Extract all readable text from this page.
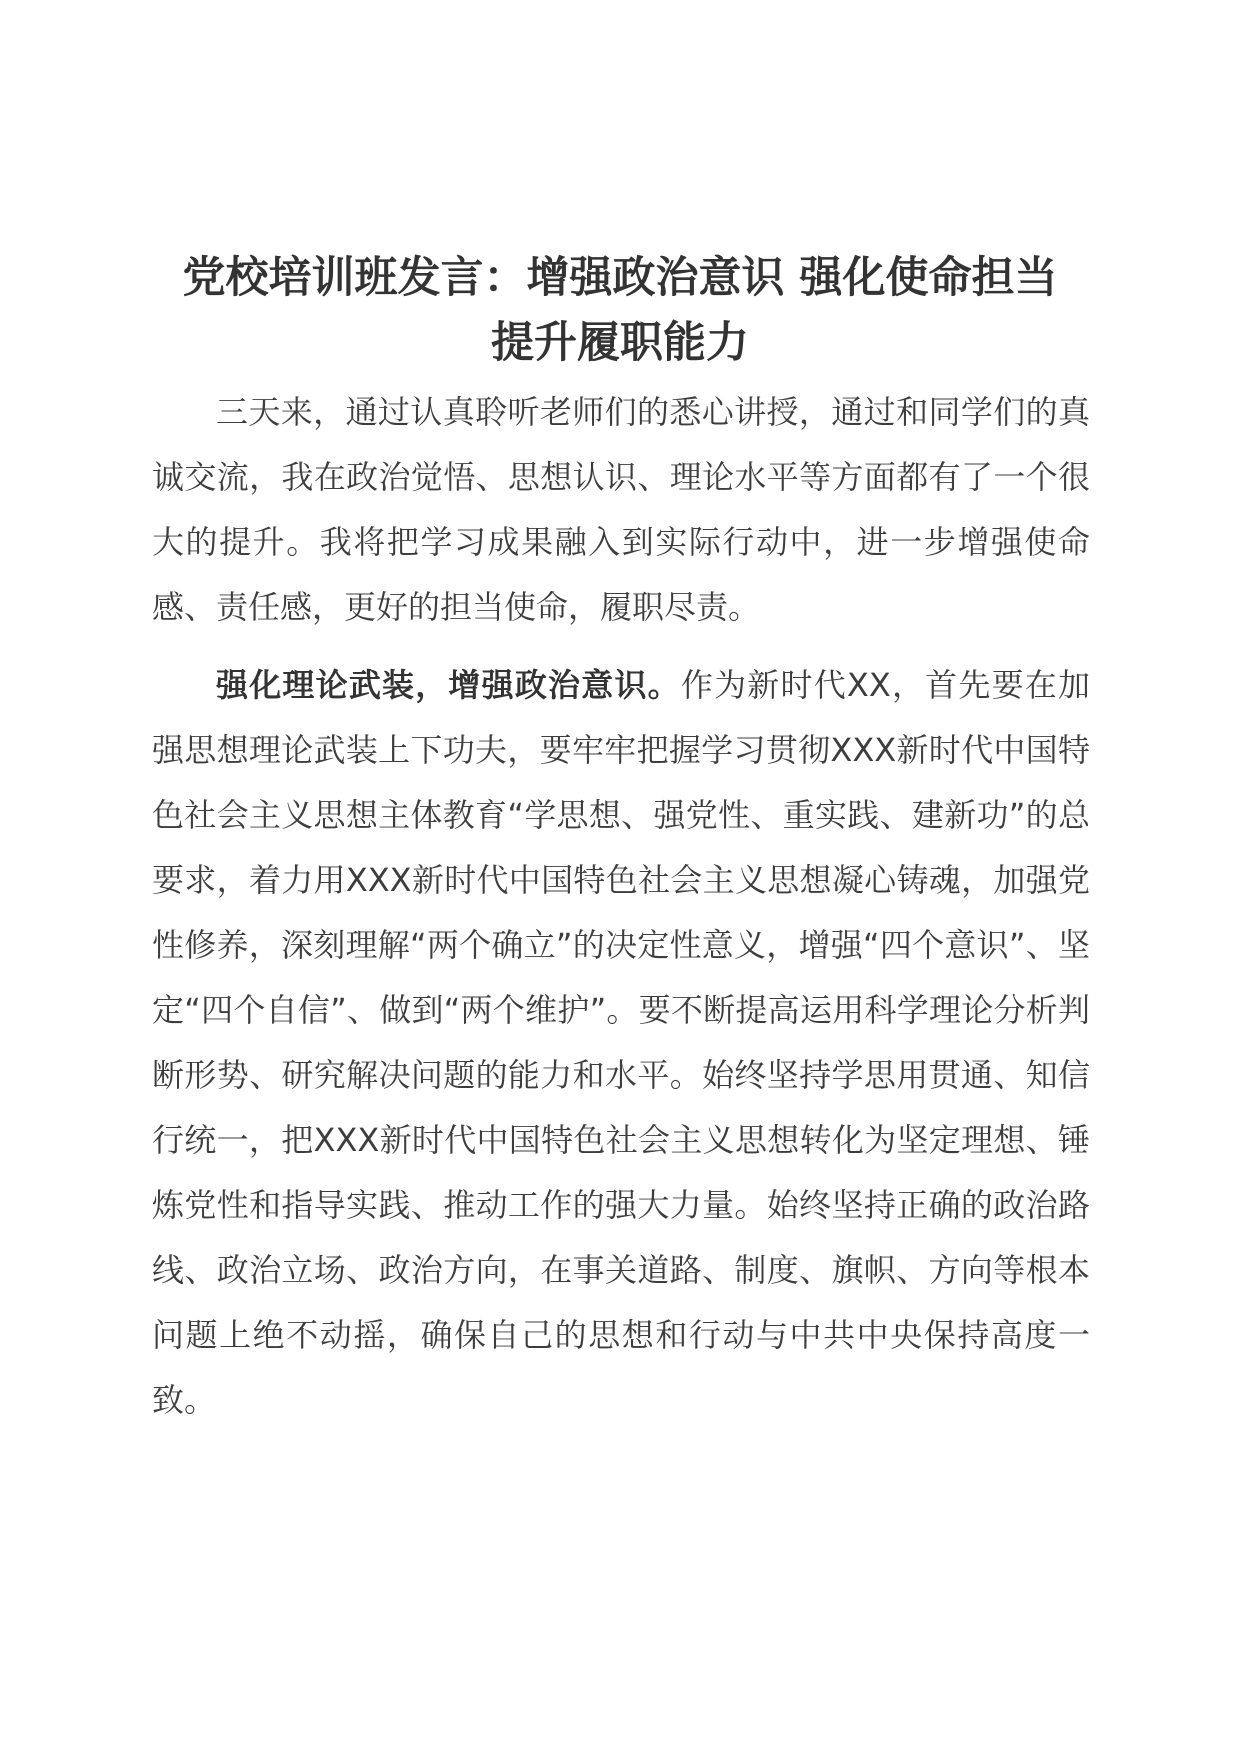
党校培训班发言：增强政治意识 强化使命担当
提升履职能力

三天来，通过认真聆听老师们的悉心讲授，通过和同学们的真诚交流，我在政治觉悟、思想认识、理论水平等方面都有了一个很大的提升。我将把学习成果融入到实际行动中，进一步增强使命感、责任感，更好的担当使命，履职尽责。

强化理论武装，增强政治意识。作为新时代XX，首先要在加强思想理论武装上下功夫，要牢牢把握学习贯彻XXX新时代中国特色社会主义思想主体教育“学思想、强党性、重实践、建新功”的总要求，着力用XXX新时代中国特色社会主义思想凝心铸魂，加强党性修养，深刻理解“两个确立”的决定性意义，增强“四个意识”、坚定“四个自信”、做到“两个维护”。要不断提高运用科学理论分析判断形势、研究解决问题的能力和水平。始终坚持学思用贯通、知信行统一，把XXX新时代中国特色社会主义思想转化为坚定理想、锤炼党性和指导实践、推动工作的强大力量。始终坚持正确的政治路线、政治立场、政治方向，在事关道路、制度、旗帜、方向等根本问题上绝不动摇，确保自己的思想和行动与中共中央保持高度一致。
